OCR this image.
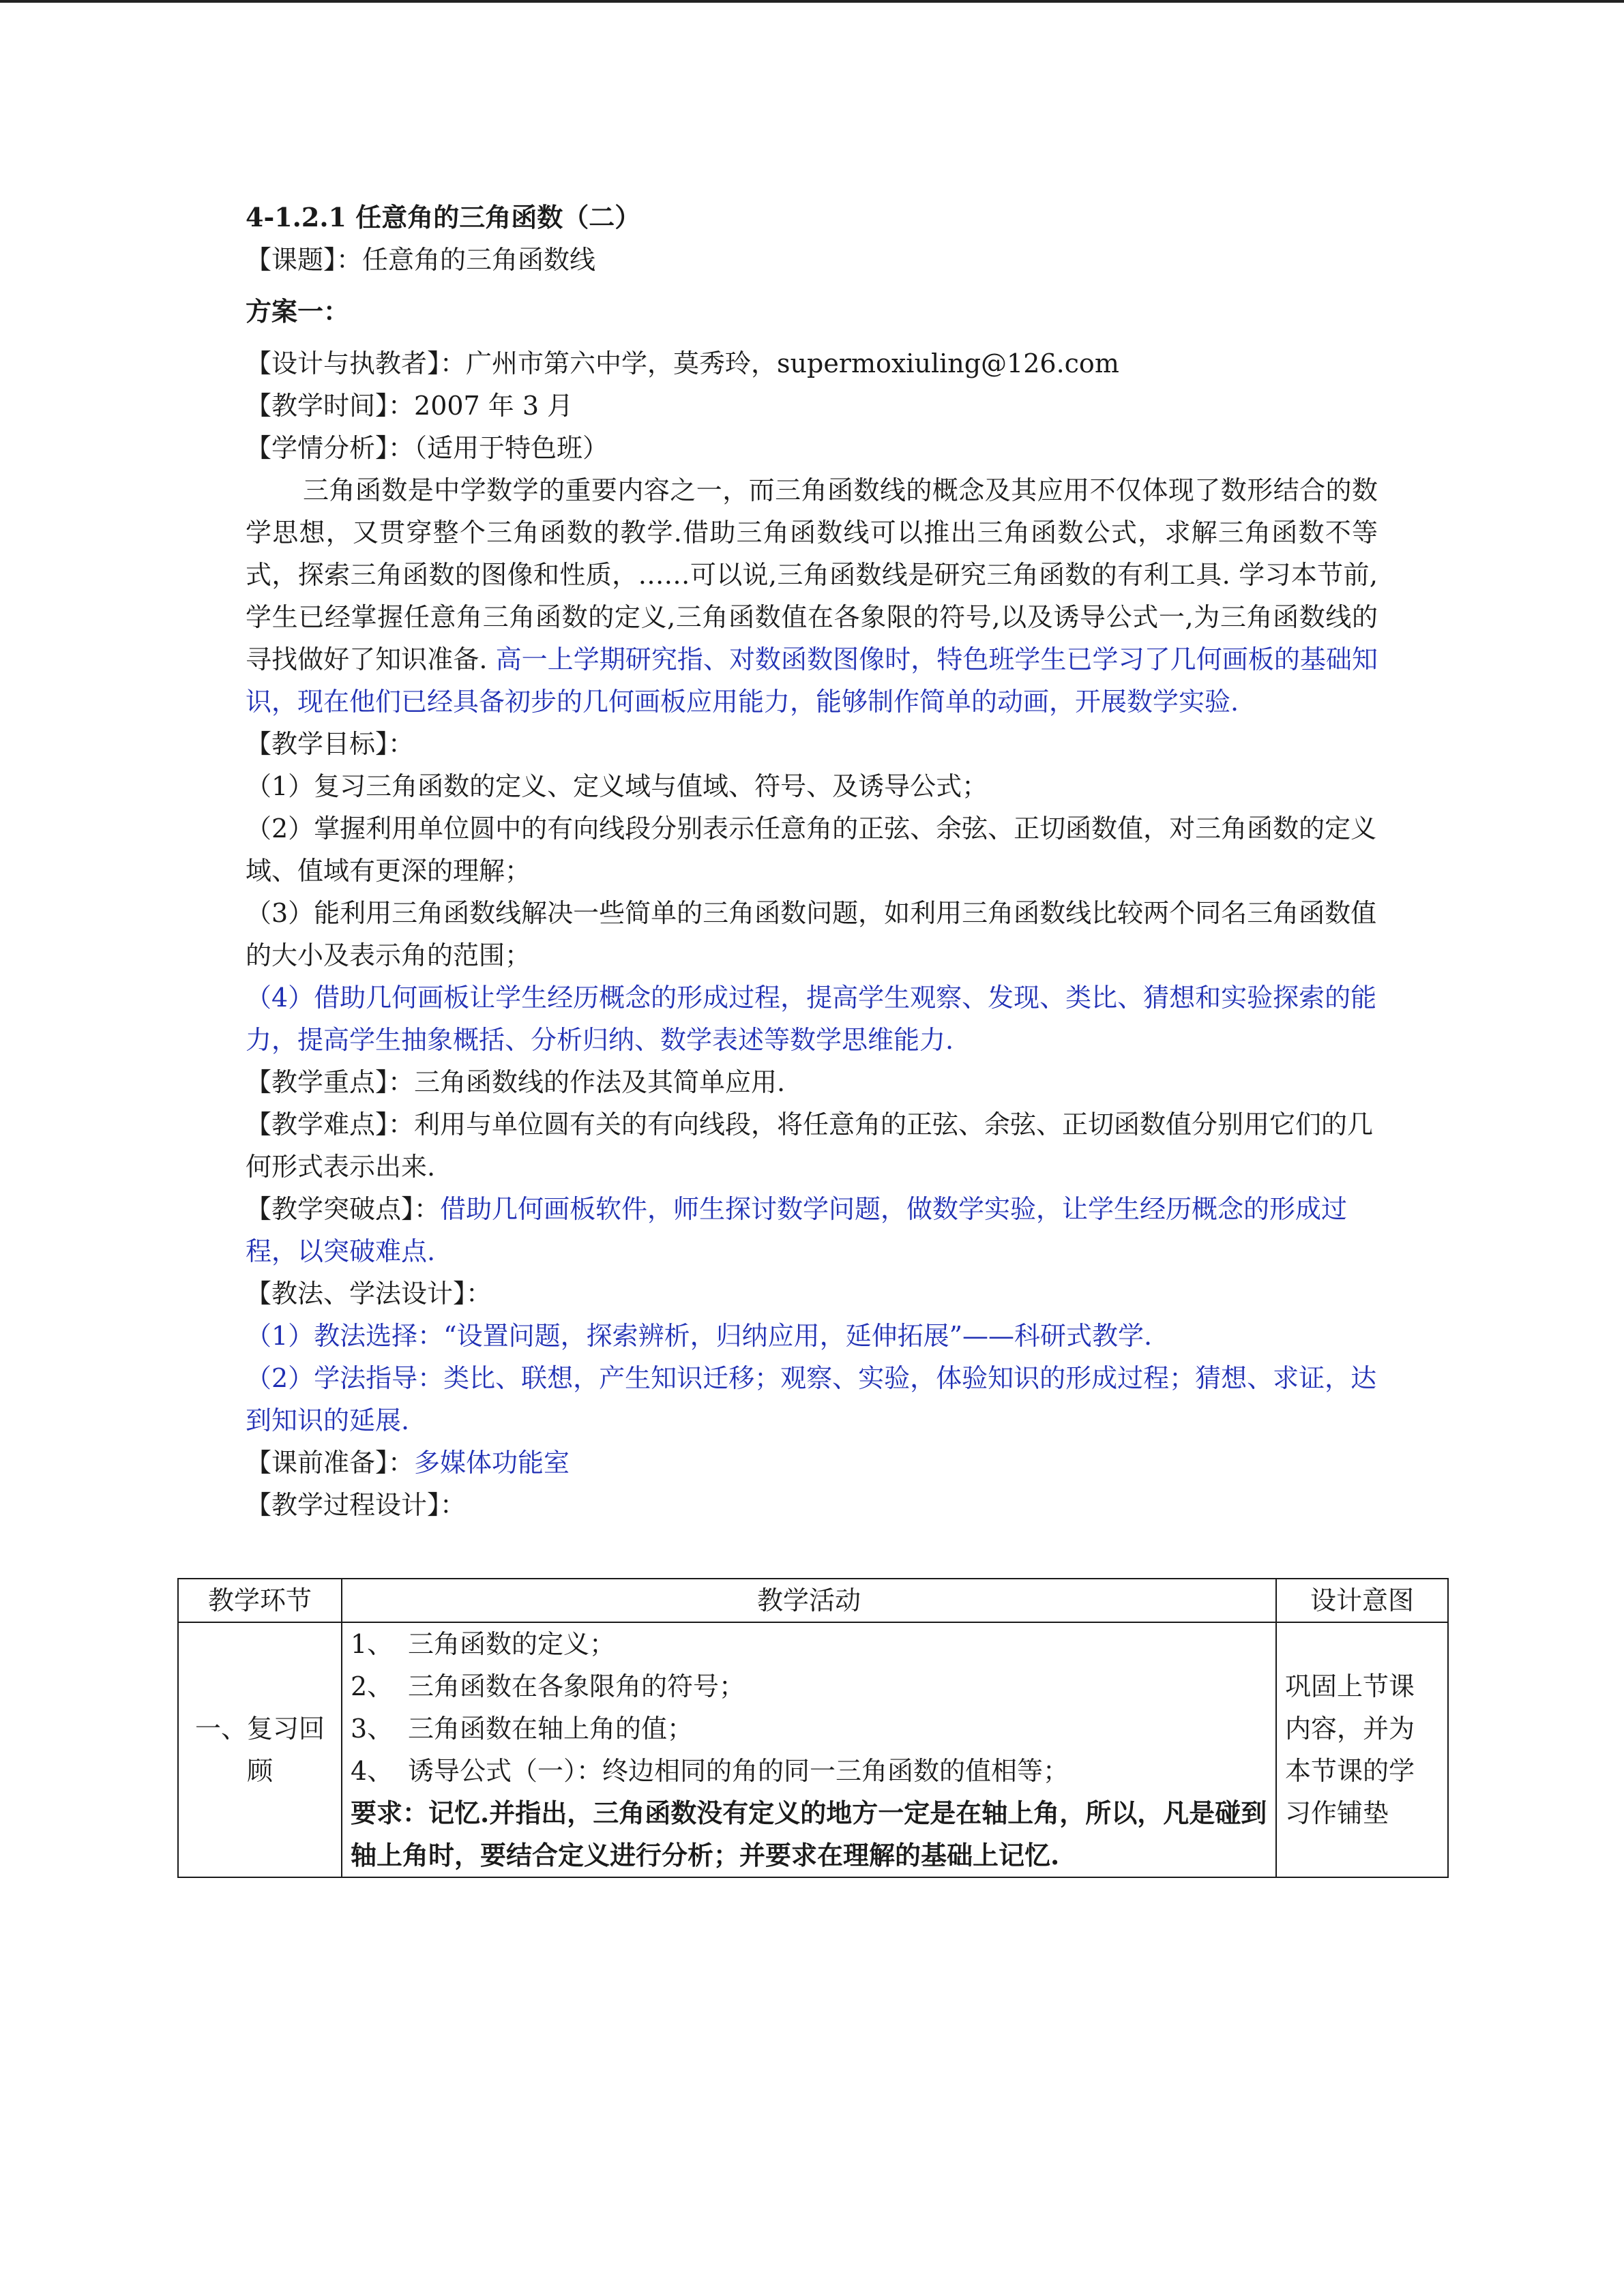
4-1.2.1 任意角的三角函数（二）
【课题】：任意角的三角函数线
方案一：
【设计与执教者】：广州市第六中学，莫秀玲，supermoxiuling@126.com
【教学时间】：2007 年 3 月
【学情分析】：（适用于特色班）
三角函数是中学数学的重要内容之一，而三角函数线的概念及其应用不仅体现了数形结合的数学思想，又贯穿整个三角函数的教学.借助三角函数线可以推出三角函数公式，求解三角函数不等式，探索三角函数的图像和性质，……可以说,三角函数线是研究三角函数的有利工具. 学习本节前,学生已经掌握任意角三角函数的定义,三角函数值在各象限的符号,以及诱导公式一,为三角函数线的寻找做好了知识准备. 高一上学期研究指、对数函数图像时，特色班学生已学习了几何画板的基础知识，现在他们已经具备初步的几何画板应用能力，能够制作简单的动画，开展数学实验.
【教学目标】：
（1）复习三角函数的定义、定义域与值域、符号、及诱导公式；
（2）掌握利用单位圆中的有向线段分别表示任意角的正弦、余弦、正切函数值，对三角函数的定义域、值域有更深的理解；
（3）能利用三角函数线解决一些简单的三角函数问题，如利用三角函数线比较两个同名三角函数值的大小及表示角的范围；
（4）借助几何画板让学生经历概念的形成过程，提高学生观察、发现、类比、猜想和实验探索的能力，提高学生抽象概括、分析归纳、数学表述等数学思维能力.
【教学重点】：三角函数线的作法及其简单应用.
【教学难点】：利用与单位圆有关的有向线段，将任意角的正弦、余弦、正切函数值分别用它们的几何形式表示出来.
【教学突破点】：借助几何画板软件，师生探讨数学问题，做数学实验，让学生经历概念的形成过程，以突破难点.
【教法、学法设计】：
（1）教法选择：“设置问题，探索辨析，归纳应用，延伸拓展”——科研式教学.
（2）学法指导：类比、联想，产生知识迁移；观察、实验，体验知识的形成过程；猜想、求证，达到知识的延展.
【课前准备】：多媒体功能室
【教学过程设计】：
教学环节	教学活动	设计意图
一、复习回顾	1、 三角函数的定义；
2、 三角函数在各象限角的符号；
3、 三角函数在轴上角的值；
4、 诱导公式（一）：终边相同的角的同一三角函数的值相等；
要求：记忆.并指出，三角函数没有定义的地方一定是在轴上角，所以，凡是碰到轴上角时，要结合定义进行分析；并要求在理解的基础上记忆.	巩固上节课内容，并为本节课的学习作铺垫
